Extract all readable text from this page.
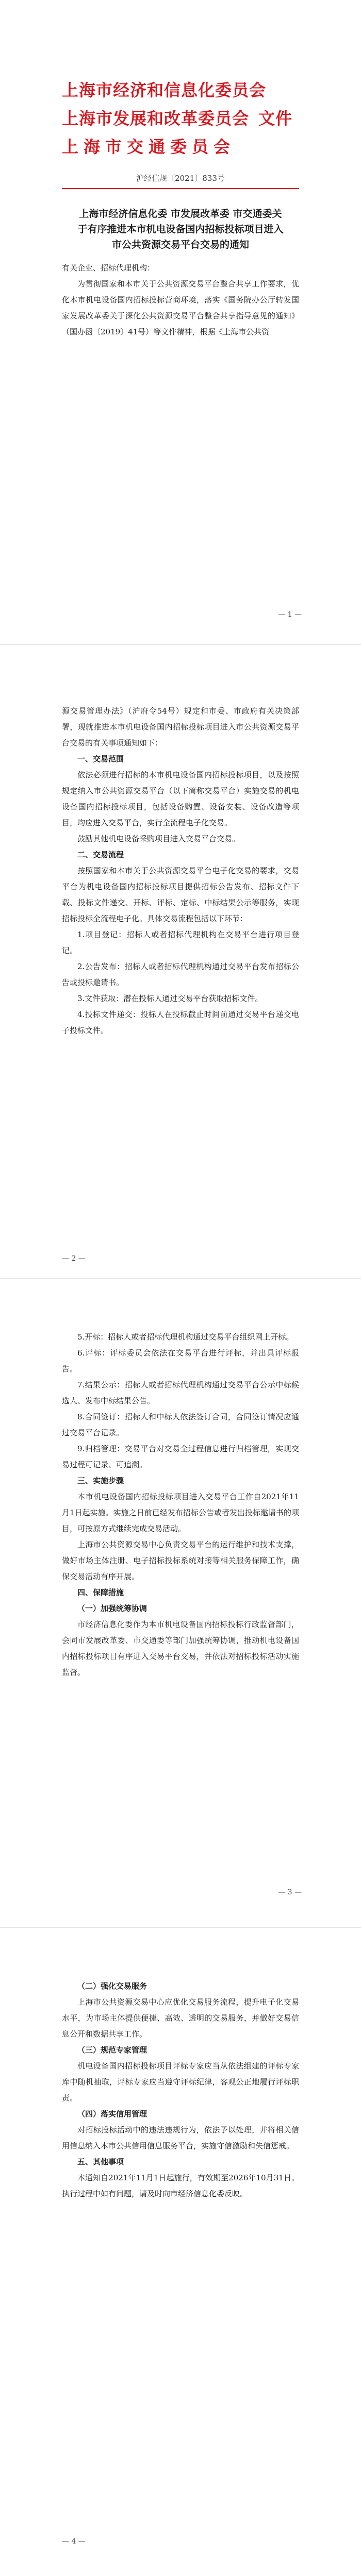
上海市经济和信息化委员会
上海市发展和改革委员会 文件
上海市交通委员会
沪经信规〔2021〕833号
上海市经济信息化委 市发展改革委 市交通委关于有序推进本市机电设备国内招标投标项目进入市公共资源交易平台交易的通知

有关企业、招标代理机构：

为贯彻国家和本市关于公共资源交易平台整合共享工作要求，优化本市机电设备国内招标投标营商环境，落实《国务院办公厅转发国家发展改革委关于深化公共资源交易平台整合共享指导意见的通知》（国办函〔2019〕41号）等文件精神，根据《上海市公共资

— 1 —

源交易管理办法》（沪府令54号）规定和市委、市政府有关决策部署，现就推进本市机电设备国内招标投标项目进入市公共资源交易平台交易的有关事项通知如下：

一、交易范围

依法必须进行招标的本市机电设备国内招标投标项目，以及按照规定纳入市公共资源交易平台（以下简称交易平台）实施交易的机电设备国内招标投标项目，包括设备购置、设备安装、设备改造等项目，均应进入交易平台，实行全流程电子化交易。

鼓励其他机电设备采购项目进入交易平台交易。

二、交易流程

按照国家和本市关于公共资源交易平台电子化交易的要求，交易平台为机电设备国内招标投标项目提供招标公告发布、招标文件下载、投标文件递交、开标、评标、定标、中标结果公示等服务，实现招标投标全流程电子化。具体交易流程包括以下环节：

1.项目登记：招标人或者招标代理机构在交易平台进行项目登记。

2.公告发布：招标人或者招标代理机构通过交易平台发布招标公告或投标邀请书。

3.文件获取：潜在投标人通过交易平台获取招标文件。

4.投标文件递交：投标人在投标截止时间前通过交易平台递交电子投标文件。

— 2 —

5.开标：招标人或者招标代理机构通过交易平台组织网上开标。

6.评标：评标委员会依法在交易平台进行评标，并出具评标报告。

7.结果公示：招标人或者招标代理机构通过交易平台公示中标候选人、发布中标结果公告。

8.合同签订：招标人和中标人依法签订合同，合同签订情况应通过交易平台记录。

9.归档管理：交易平台对交易全过程信息进行归档管理，实现交易过程可记录、可追溯。

三、实施步骤

本市机电设备国内招标投标项目进入交易平台工作自2021年11月1日起实施。实施之日前已经发布招标公告或者发出投标邀请书的项目，可按原方式继续完成交易活动。

上海市公共资源交易中心负责交易平台的运行维护和技术支撑，做好市场主体注册、电子招标投标系统对接等相关服务保障工作，确保交易活动有序开展。

四、保障措施

（一）加强统筹协调

市经济信息化委作为本市机电设备国内招标投标行政监督部门，会同市发展改革委、市交通委等部门加强统筹协调，推动机电设备国内招标投标项目有序进入交易平台交易，并依法对招标投标活动实施监督。

— 3 —

（二）强化交易服务

上海市公共资源交易中心应优化交易服务流程，提升电子化交易水平，为市场主体提供便捷、高效、透明的交易服务，并做好交易信息公开和数据共享工作。

（三）规范专家管理

机电设备国内招标投标项目评标专家应当从依法组建的评标专家库中随机抽取，评标专家应当遵守评标纪律，客观公正地履行评标职责。

（四）落实信用管理

对招标投标活动中的违法违规行为，依法予以处理，并将相关信用信息纳入本市公共信用信息服务平台，实施守信激励和失信惩戒。

五、其他事项

本通知自2021年11月1日起施行，有效期至2026年10月31日。执行过程中如有问题，请及时向市经济信息化委反映。

— 4 —
